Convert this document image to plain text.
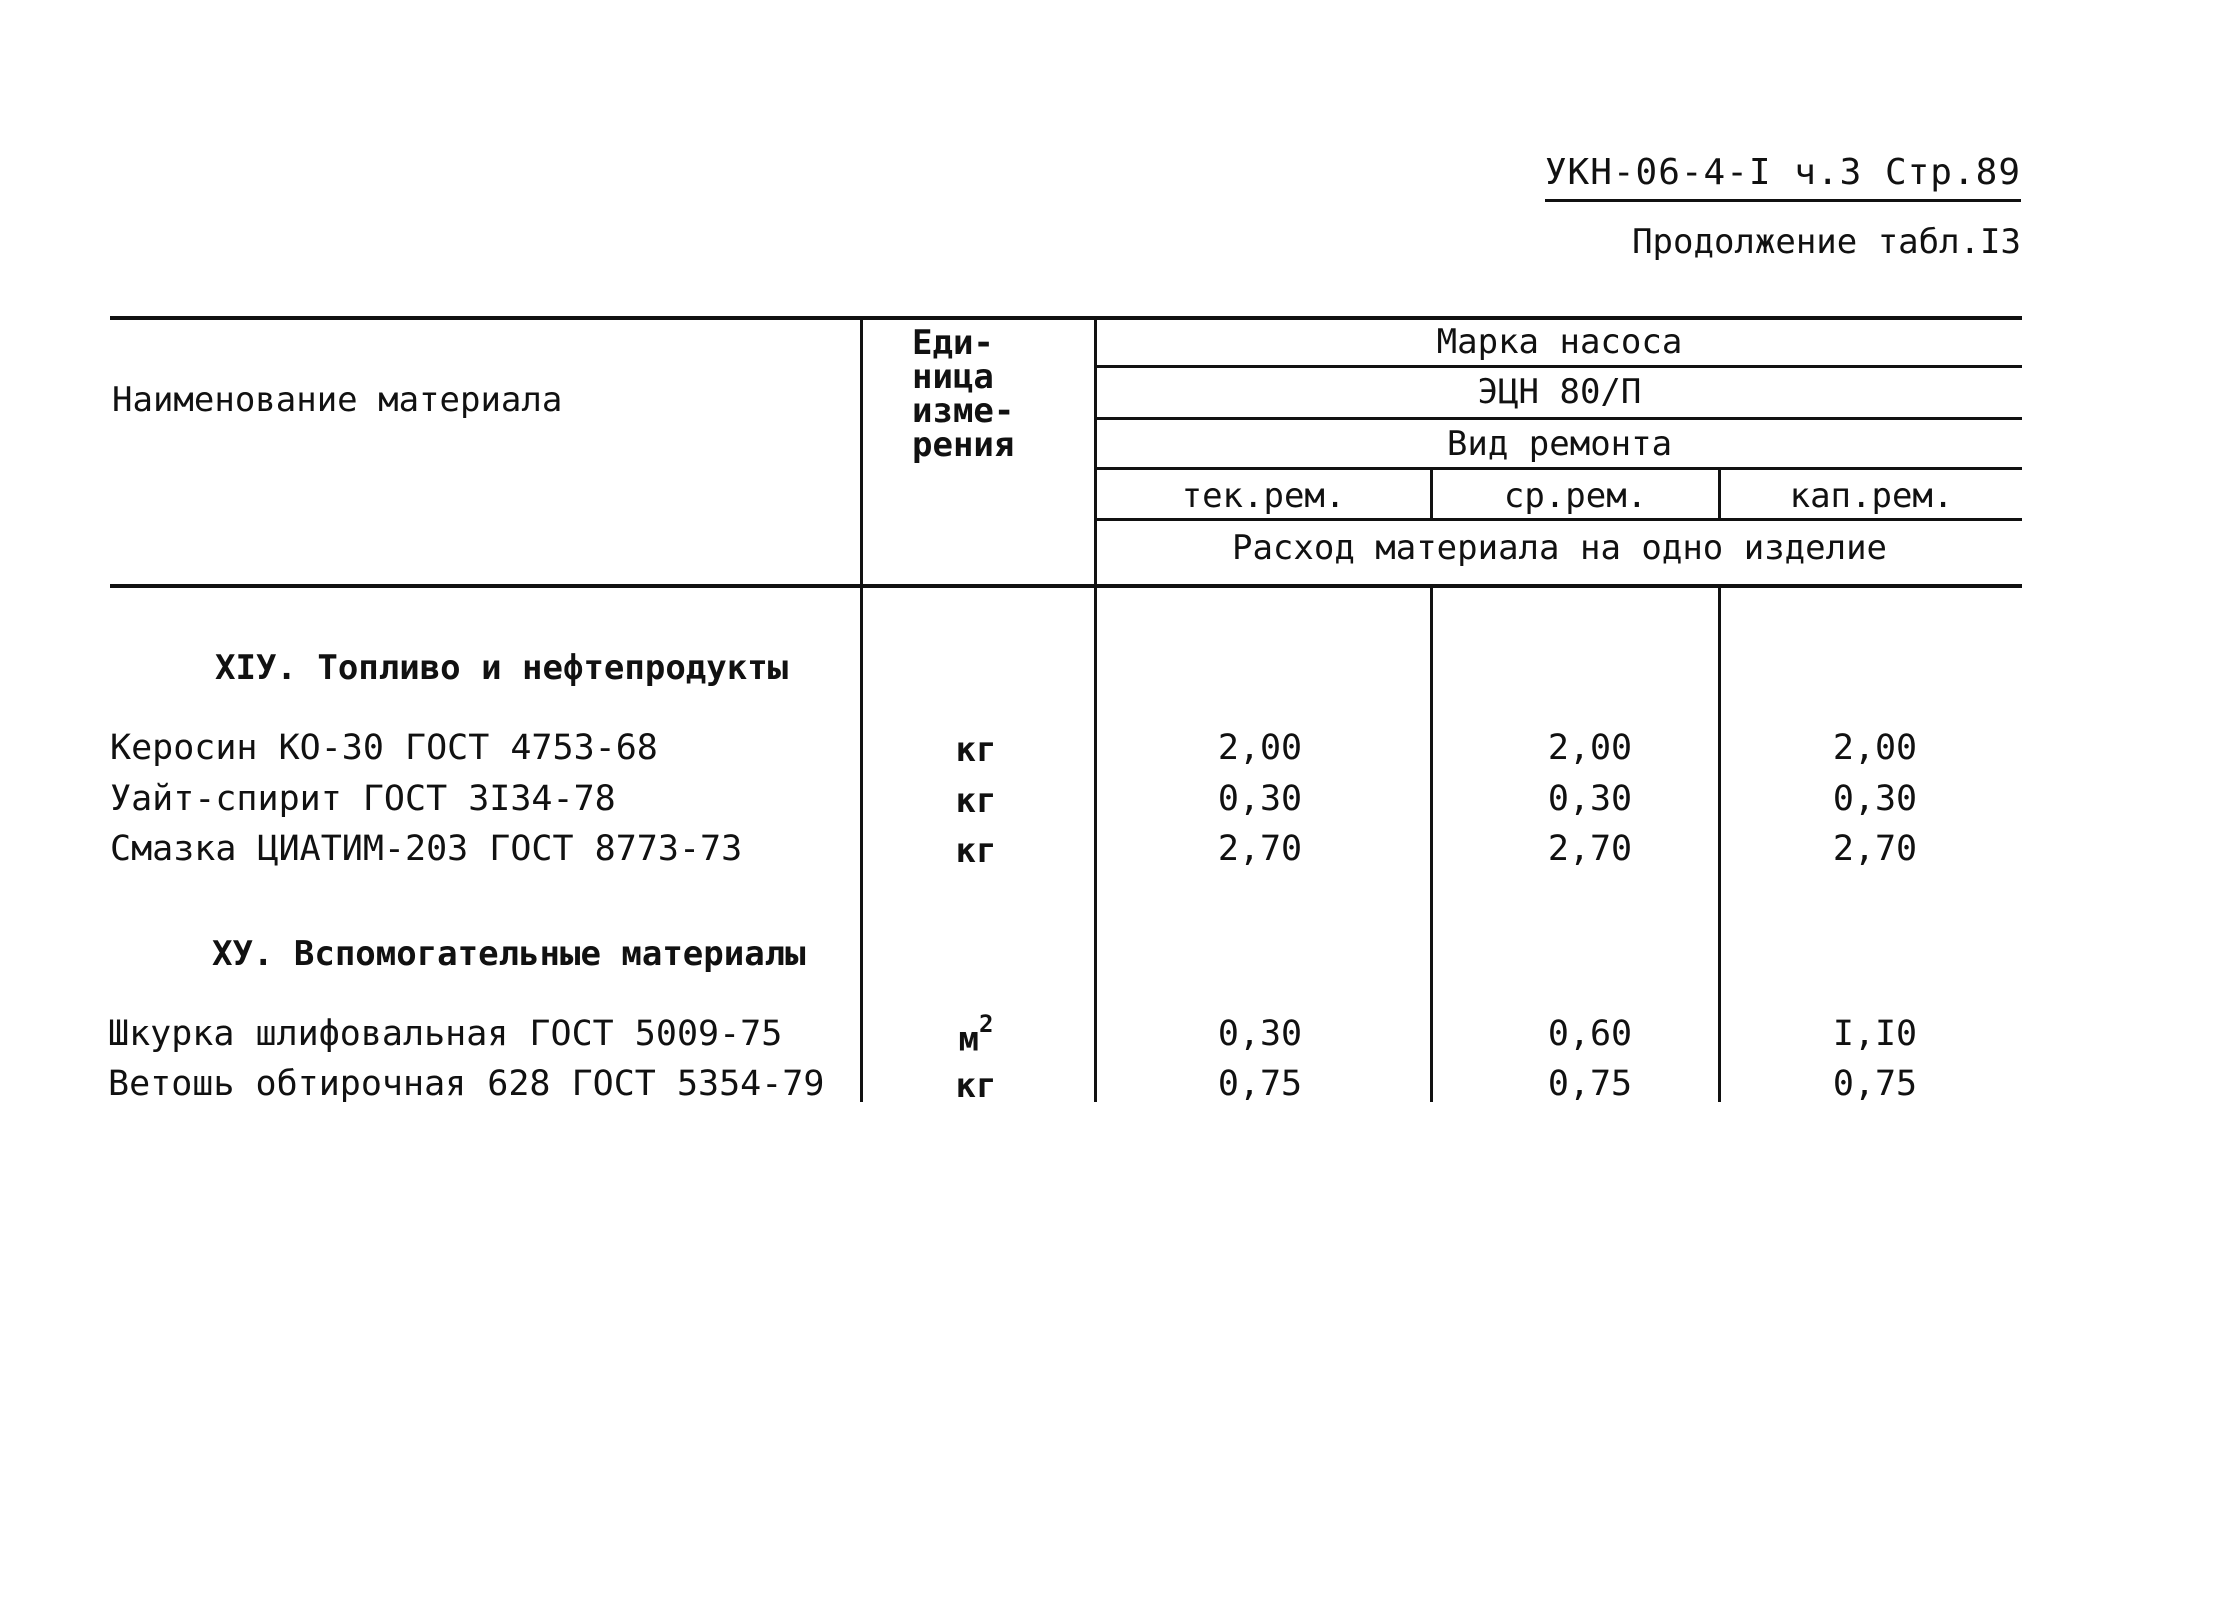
УКН-06-4-I ч.3 Стр.89
Продолжение табл.I3
Наименование материала
Еди-
ница
изме-
рения
Марка насоса
ЭЦН 80/П
Вид ремонта
тек.рем.	ср.рем.	кап.рем.
Расход материала на одно изделие
XIУ. Топливо и нефтепродукты
Керосин КО-30 ГОСТ 4753-68	кг	2,00	2,00	2,00
Уайт-спирит ГОСТ 3I34-78	кг	0,30	0,30	0,30
Смазка ЦИАТИМ-203 ГОСТ 8773-73	кг	2,70	2,70	2,70
XУ. Вспомогательные материалы
Шкурка шлифовальная ГОСТ 5009-75	$м^2$	0,30	0,60	I,I0
Ветошь обтирочная 628 ГОСТ 5354-79	кг	0,75	0,75	0,75
